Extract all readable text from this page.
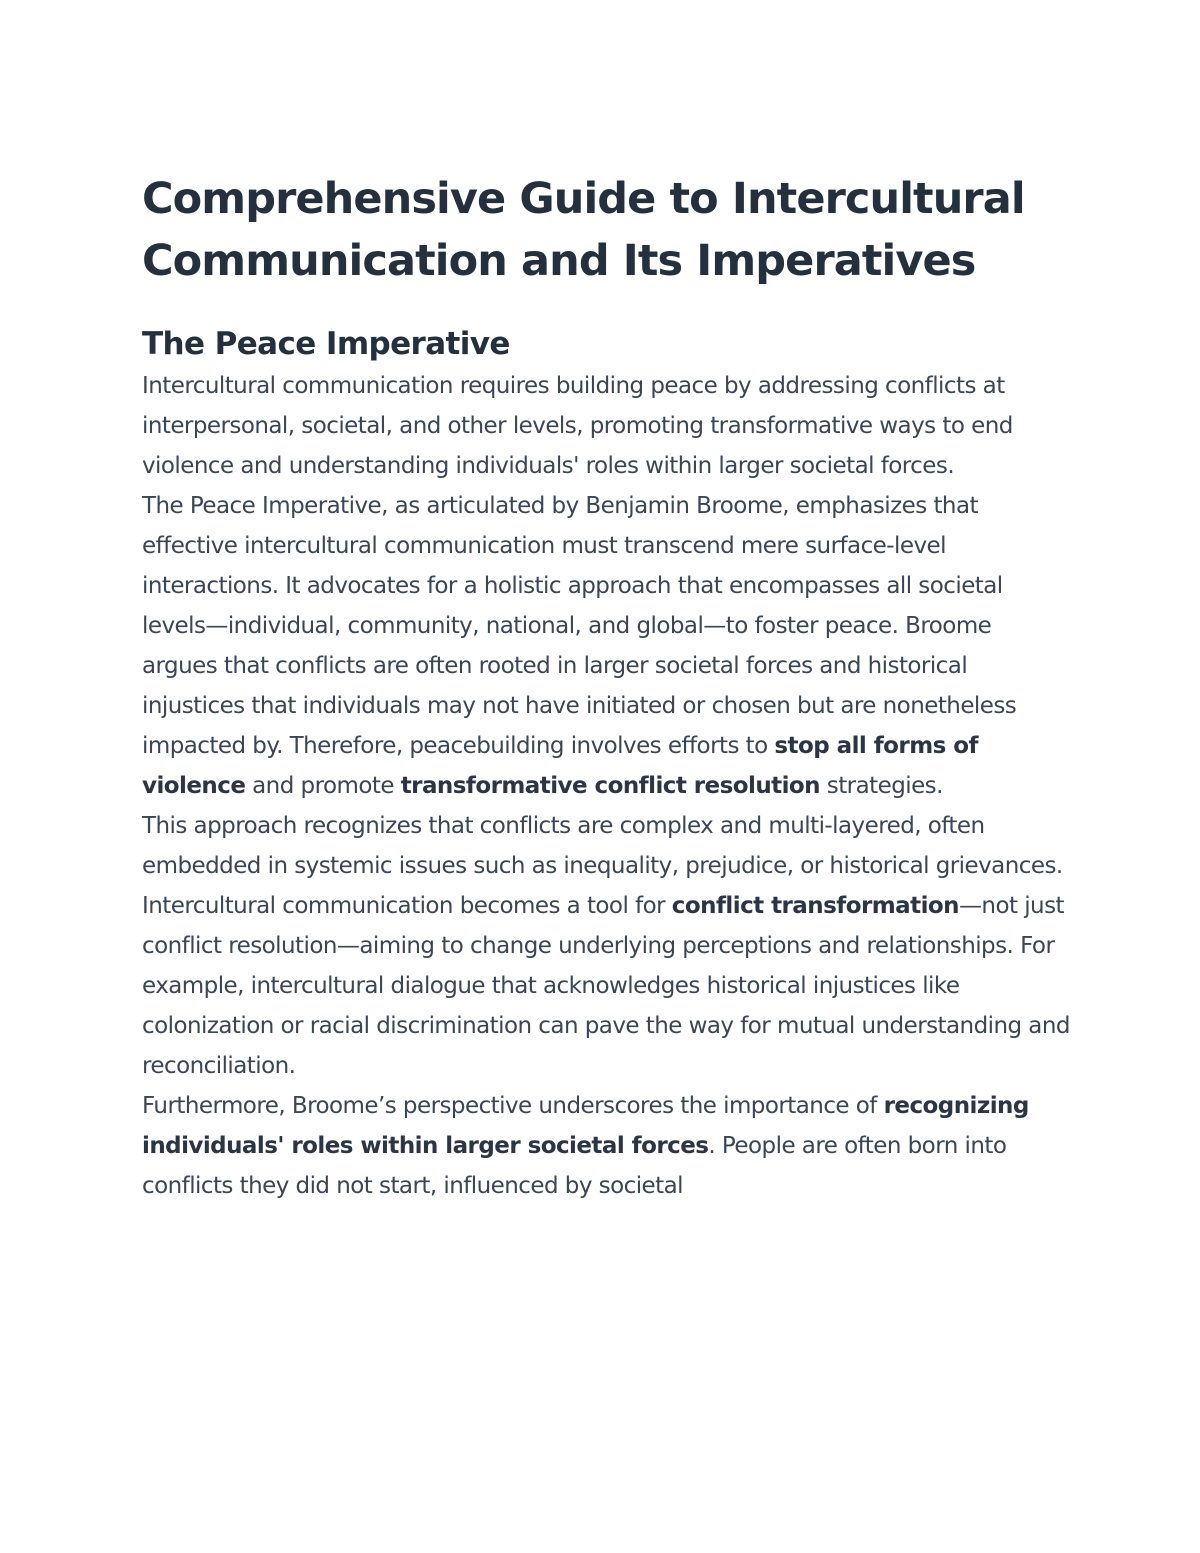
Comprehensive Guide to Intercultural
Communication and Its Imperatives
The Peace Imperative

Intercultural communication requires building peace by addressing conflicts at interpersonal, societal, and other levels, promoting transformative ways to end violence and understanding individuals' roles within larger societal forces.

The Peace Imperative, as articulated by Benjamin Broome, emphasizes that effective intercultural communication must transcend mere surface-level interactions. It advocates for a holistic approach that encompasses all societal levels—individual, community, national, and global—to foster peace. Broome argues that conflicts are often rooted in larger societal forces and historical injustices that individuals may not have initiated or chosen but are nonetheless impacted by. Therefore, peacebuilding involves efforts to stop all forms of violence and promote transformative conflict resolution strategies.

This approach recognizes that conflicts are complex and multi-layered, often embedded in systemic issues such as inequality, prejudice, or historical grievances. Intercultural communication becomes a tool for conflict transformation—not just conflict resolution—aiming to change underlying perceptions and relationships. For example, intercultural dialogue that acknowledges historical injustices like colonization or racial discrimination can pave the way for mutual understanding and reconciliation.

Furthermore, Broome’s perspective underscores the importance of recognizing individuals' roles within larger societal forces. People are often born into conflicts they did not start, influenced by societal
